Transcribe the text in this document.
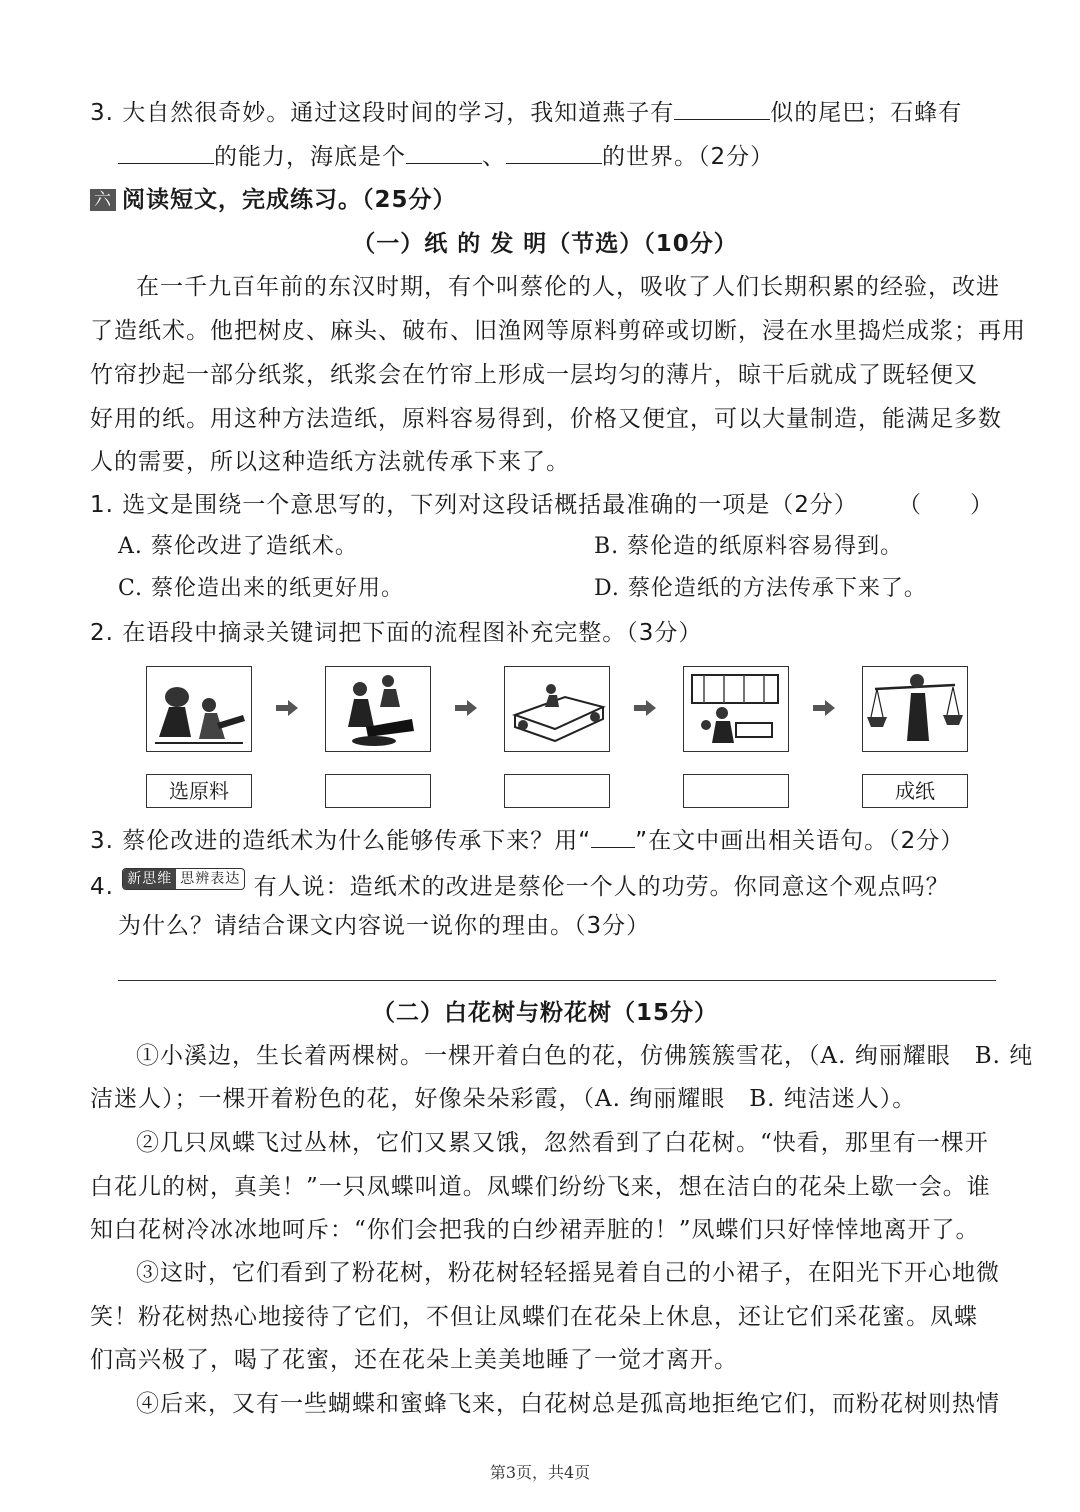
3. 大自然很奇妙。通过这段时间的学习，我知道燕子有	似的尾巴；石蜂有
的能力，海底是个	、	的世界。（2分）
六 阅读短文，完成练习。（25分）
（一）纸 的 发 明（节选）（10分）
在一千九百年前的东汉时期，有个叫蔡伦的人，吸收了人们长期积累的经验，改进
了造纸术。他把树皮、麻头、破布、旧渔网等原料剪碎或切断，浸在水里捣烂成浆；再用
竹帘抄起一部分纸浆，纸浆会在竹帘上形成一层均匀的薄片，晾干后就成了既轻便又
好用的纸。用这种方法造纸，原料容易得到，价格又便宜，可以大量制造，能满足多数
人的需要，所以这种造纸方法就传承下来了。
1. 选文是围绕一个意思写的，下列对这段话概括最准确的一项是（2分） （　　）
A. 蔡伦改进了造纸术。	B. 蔡伦造的纸原料容易得到。
C. 蔡伦造出来的纸更好用。	D. 蔡伦造纸的方法传承下来了。
2. 在语段中摘录关键词把下面的流程图补充完整。（3分）
选原料	成纸
3. 蔡伦改进的造纸术为什么能够传承下来？用“ ”在文中画出相关语句。（2分）
4. 新思维 思辨表达 有人说：造纸术的改进是蔡伦一个人的功劳。你同意这个观点吗？
为什么？请结合课文内容说一说你的理由。（3分）
（二）白花树与粉花树（15分）
①小溪边，生长着两棵树。一棵开着白色的花，仿佛簇簇雪花，（A. 绚丽耀眼　B. 纯
洁迷人）；一棵开着粉色的花，好像朵朵彩霞，（A. 绚丽耀眼　B. 纯洁迷人）。
②几只凤蝶飞过丛林，它们又累又饿，忽然看到了白花树。“快看，那里有一棵开
白花儿的树，真美！”一只凤蝶叫道。凤蝶们纷纷飞来，想在洁白的花朵上歇一会。谁
知白花树冷冰冰地呵斥：“你们会把我的白纱裙弄脏的！”凤蝶们只好悻悻地离开了。
③这时，它们看到了粉花树，粉花树轻轻摇晃着自己的小裙子，在阳光下开心地微
笑！粉花树热心地接待了它们，不但让凤蝶们在花朵上休息，还让它们采花蜜。凤蝶
们高兴极了，喝了花蜜，还在花朵上美美地睡了一觉才离开。
④后来，又有一些蝴蝶和蜜蜂飞来，白花树总是孤高地拒绝它们，而粉花树则热情
第3页，共4页
